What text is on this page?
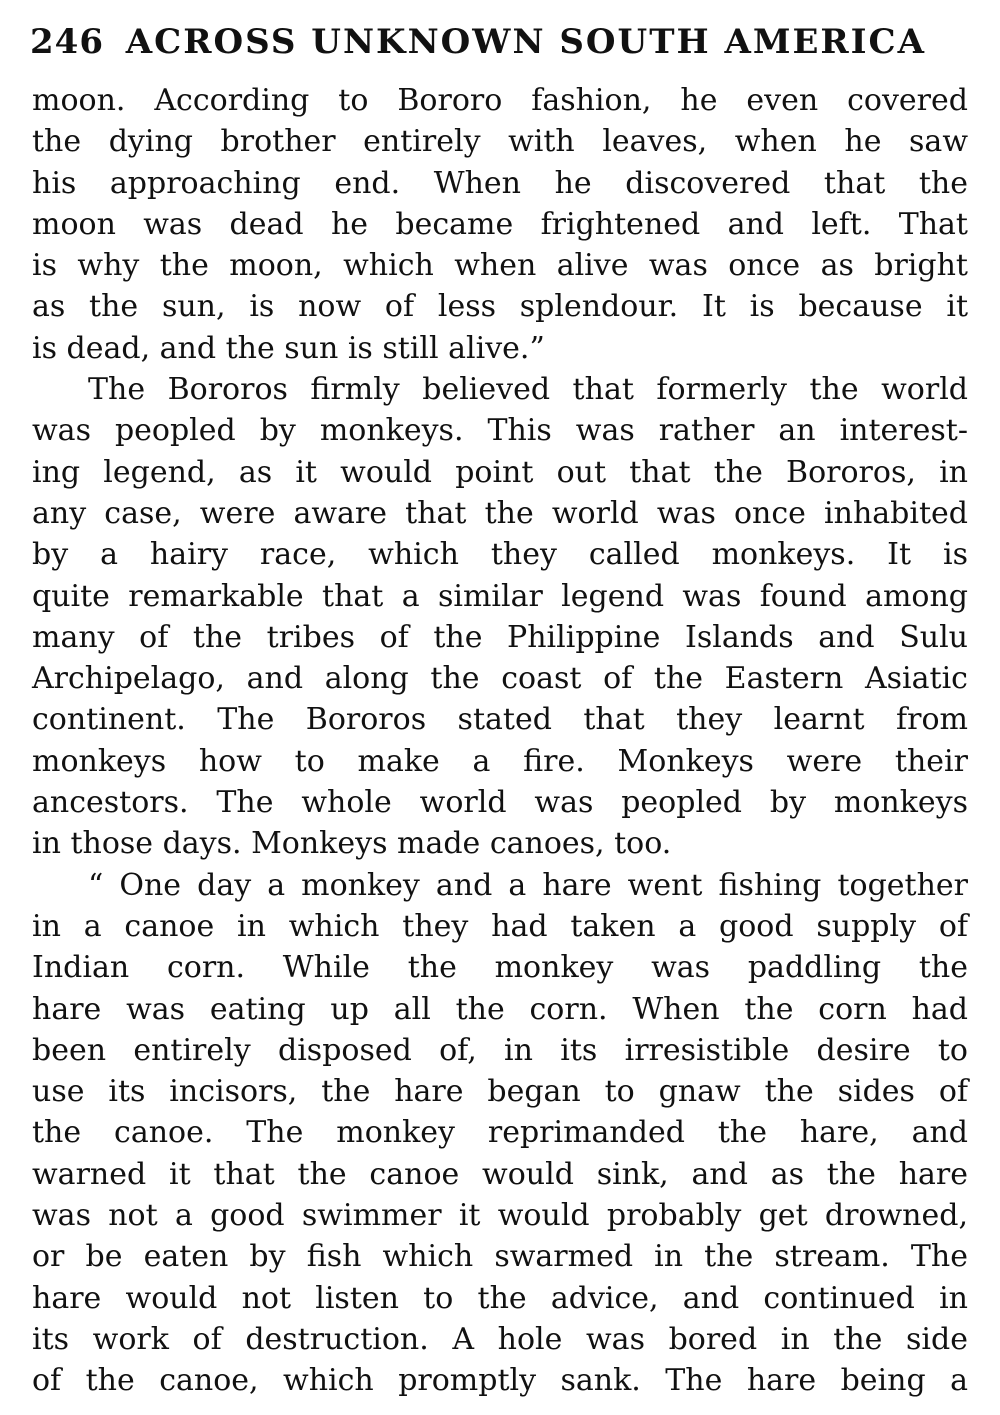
246 ACROSS UNKNOWN SOUTH AMERICA
moon. According to Bororo fashion, he even covered
the dying brother entirely with leaves, when he saw
his approaching end. When he discovered that the
moon was dead he became frightened and left. That
is why the moon, which when alive was once as bright
as the sun, is now of less splendour. It is because it
is dead, and the sun is still alive.”
The Bororos firmly believed that formerly the world
was peopled by monkeys. This was rather an interest-
ing legend, as it would point out that the Bororos, in
any case, were aware that the world was once inhabited
by a hairy race, which they called monkeys. It is
quite remarkable that a similar legend was found among
many of the tribes of the Philippine Islands and Sulu
Archipelago, and along the coast of the Eastern Asiatic
continent. The Bororos stated that they learnt from
monkeys how to make a fire. Monkeys were their
ancestors. The whole world was peopled by monkeys
in those days. Monkeys made canoes, too.
“ One day a monkey and a hare went fishing together
in a canoe in which they had taken a good supply of
Indian corn. While the monkey was paddling the
hare was eating up all the corn. When the corn had
been entirely disposed of, in its irresistible desire to
use its incisors, the hare began to gnaw the sides of
the canoe. The monkey reprimanded the hare, and
warned it that the canoe would sink, and as the hare
was not a good swimmer it would probably get drowned,
or be eaten by fish which swarmed in the stream. The
hare would not listen to the advice, and continued in
its work of destruction. A hole was bored in the side
of the canoe, which promptly sank. The hare being a
